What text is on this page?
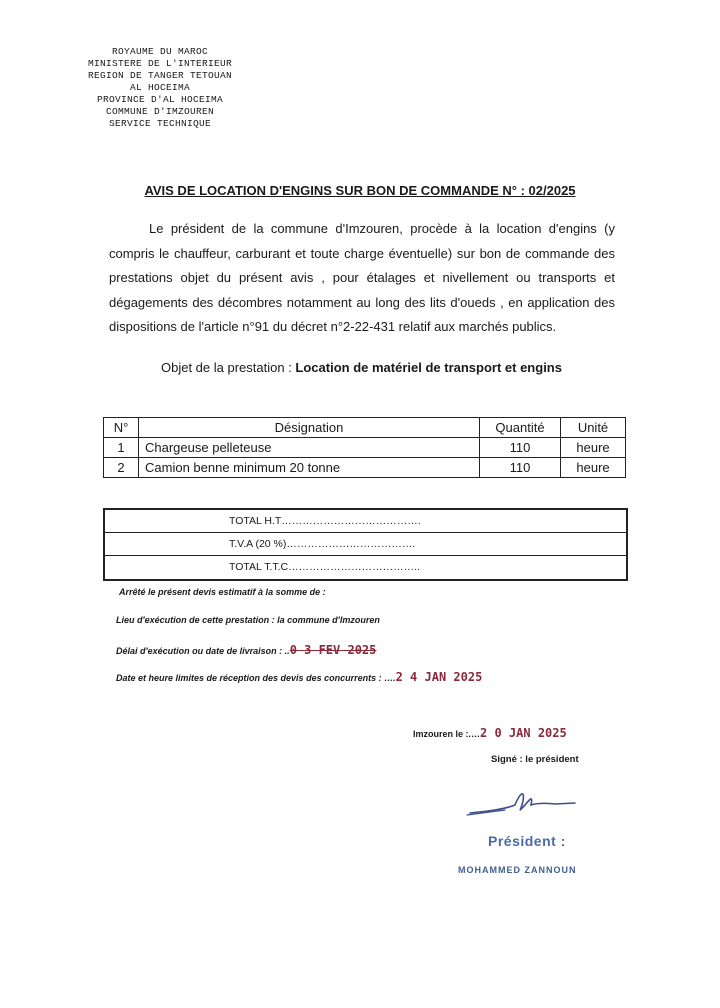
ROYAUME DU MAROC
MINISTERE DE L'INTERIEUR
REGION DE TANGER TETOUAN
AL HOCEIMA
PROVINCE D'AL HOCEIMA
COMMUNE D'IMZOUREN
SERVICE TECHNIQUE
AVIS DE LOCATION D'ENGINS SUR BON DE COMMANDE N° : 02/2025
Le président de la commune d'Imzouren, procède à la location d'engins (y compris le chauffeur, carburant et toute charge éventuelle) sur bon de commande des prestations objet du présent avis , pour étalages et nivellement ou transports et dégagements des décombres notamment au long des lits d'oueds , en application des dispositions de l'article n°91 du décret n°2-22-431 relatif aux marchés publics.
Objet de la prestation : Location de matériel de transport et engins
N°	Désignation	Quantité	Unité
1	Chargeuse pelleteuse	110	heure
2	Camion benne minimum 20 tonne	110	heure
TOTAL H.T………………………………….
T.V.A (20 %)……………………………….
TOTAL T.T.C………………………………..
Arrêté le présent devis estimatif à la somme de :
Lieu d'exécution de cette prestation : la commune d'Imzouren
Délai d'exécution ou date de livraison : ..0 3 FEV 2025
Date et heure limites de réception des devis des concurrents : ….2 4 JAN 2025
Imzouren le :.…2 0 JAN 2025
Signé : le président
Président :
MOHAMMED ZANNOUN
